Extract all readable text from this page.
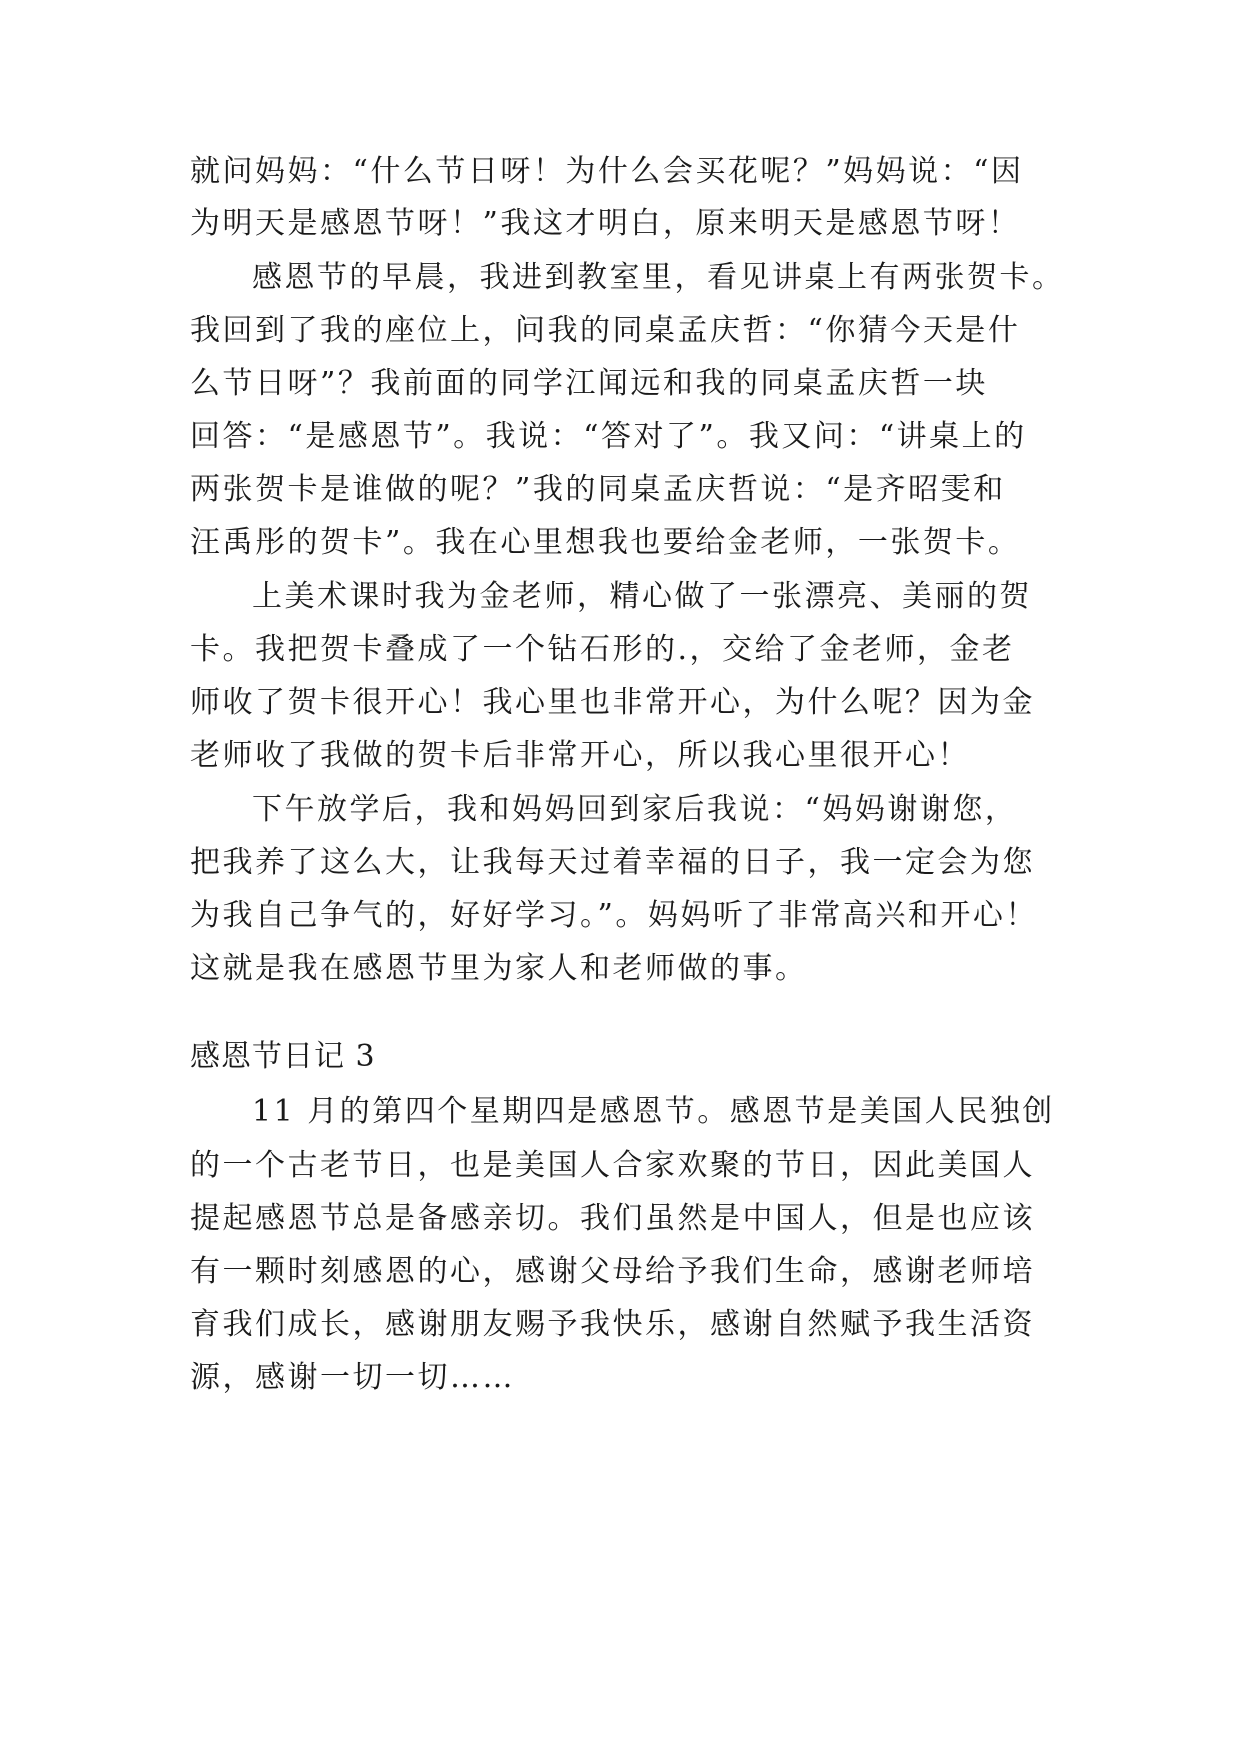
就问妈妈：“什么节日呀！为什么会买花呢？”妈妈说：“因
为明天是感恩节呀！”我这才明白，原来明天是感恩节呀！
感恩节的早晨，我进到教室里，看见讲桌上有两张贺卡。
我回到了我的座位上，问我的同桌孟庆哲：“你猜今天是什
么节日呀”？我前面的同学江闻远和我的同桌孟庆哲一块
回答：“是感恩节”。我说：“答对了”。我又问：“讲桌上的
两张贺卡是谁做的呢？”我的同桌孟庆哲说：“是齐昭雯和
汪禹彤的贺卡”。我在心里想我也要给金老师，一张贺卡。
上美术课时我为金老师，精心做了一张漂亮、美丽的贺
卡。我把贺卡叠成了一个钻石形的.，交给了金老师，金老
师收了贺卡很开心！我心里也非常开心，为什么呢？因为金
老师收了我做的贺卡后非常开心，所以我心里很开心！
下午放学后，我和妈妈回到家后我说：“妈妈谢谢您，
把我养了这么大，让我每天过着幸福的日子，我一定会为您
为我自己争气的，好好学习。”。妈妈听了非常高兴和开心！
这就是我在感恩节里为家人和老师做的事。
感恩节日记 3
11 月的第四个星期四是感恩节。感恩节是美国人民独创
的一个古老节日，也是美国人合家欢聚的节日，因此美国人
提起感恩节总是备感亲切。我们虽然是中国人，但是也应该
有一颗时刻感恩的心，感谢父母给予我们生命，感谢老师培
育我们成长，感谢朋友赐予我快乐，感谢自然赋予我生活资
源，感谢一切一切……
